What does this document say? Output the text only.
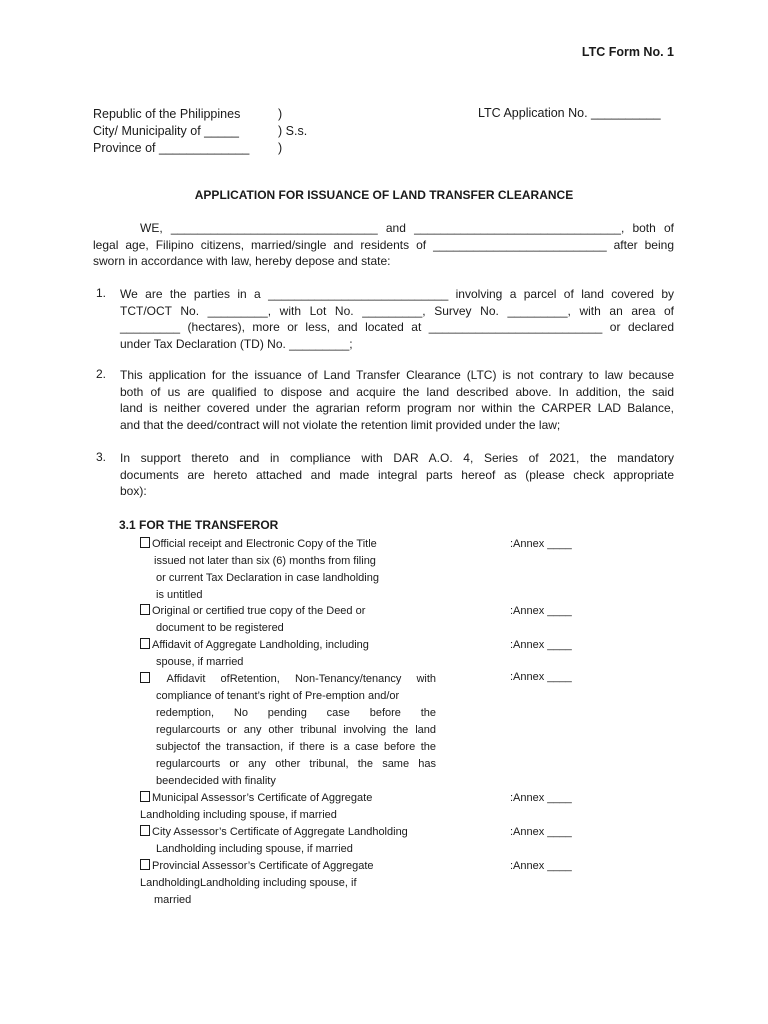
LTC Form No. 1
Republic of the Philippines
City/ Municipality of _____
Province of _____________
)
) S.s.
)
LTC Application No. __________
APPLICATION FOR ISSUANCE OF LAND TRANSFER CLEARANCE
WE, _______________________________ and _______________________________, both of
legal age, Filipino citizens, married/single and residents of __________________________ after being
sworn in accordance with law, hereby depose and state:
1. We are the parties in a ___________________________ involving a parcel of land covered by
TCT/OCT No. _________, with Lot No. _________, Survey No. _________, with an area of
_________ (hectares), more or less, and located at __________________________ or declared
under Tax Declaration (TD) No. _________;
2. This application for the issuance of Land Transfer Clearance (LTC) is not contrary to law because
both of us are qualified to dispose and acquire the land described above. In addition, the said
land is neither covered under the agrarian reform program nor within the CARPER LAD Balance,
and that the deed/contract will not violate the retention limit provided under the law;
3. In support thereto and in compliance with DAR A.O. 4, Series of 2021, the mandatory
documents are hereto attached and made integral parts hereof as (please check appropriate
box):
3.1 FOR THE TRANSFEROR
Official receipt and Electronic Copy of the Title
issued not later than six (6) months from filing
or current Tax Declaration in case landholding
is untitled
:Annex ____
Original or certified true copy of the Deed or
document to be registered
:Annex ____
Affidavit of Aggregate Landholding, including
spouse, if married
:Annex ____
Affidavit ofRetention, Non-Tenancy/tenancy with
compliance of tenant’s right of Pre-emption and/or
redemption, No pending case before the
regularcourts or any other tribunal involving the land
subjectof the transaction, if there is a case before the
regularcourts or any other tribunal, the same has
beendecided with finality
:Annex ____
Municipal Assessor’s Certificate of Aggregate
Landholding including spouse, if married
:Annex ____
City Assessor’s Certificate of Aggregate Landholding
Landholding including spouse, if married
:Annex ____
Provincial Assessor’s Certificate of Aggregate
LandholdingLandholding including spouse, if
married
:Annex ____
